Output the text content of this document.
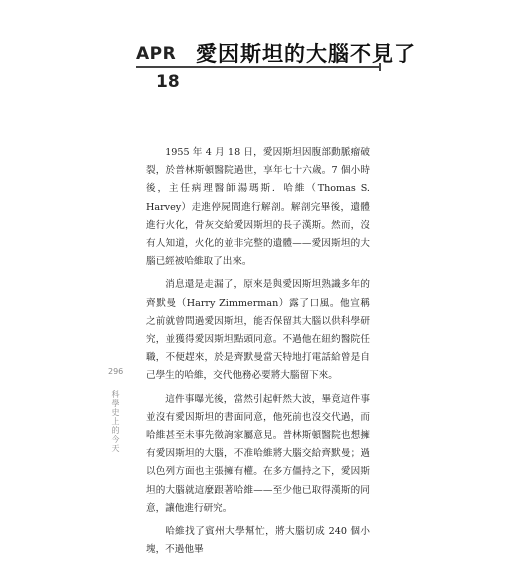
APR
18
愛因斯坦的大腦不見了

1955 年 4 月 18 日，愛因斯坦因腹部動脈瘤破裂，於普林斯頓醫院過世，享年七十六歲。7 個小時後，主任病理醫師湯瑪斯．哈維（Thomas S. Harvey）走進停屍間進行解剖。解剖完畢後，遺體進行火化，骨灰交給愛因斯坦的長子漢斯。然而，沒有人知道，火化的並非完整的遺體——愛因斯坦的大腦已經被哈維取了出來。

消息還是走漏了，原來是與愛因斯坦熟識多年的齊默曼（Harry Zimmerman）露了口風。他宣稱之前就曾問過愛因斯坦，能否保留其大腦以供科學研究，並獲得愛因斯坦點頭同意。不過他在紐約醫院任職，不便趕來，於是齊默曼當天特地打電話給曾是自己學生的哈維，交代他務必要將大腦留下來。

這件事曝光後，當然引起軒然大波，畢竟這件事並沒有愛因斯坦的書面同意，他死前也沒交代過，而哈維甚至未事先徵詢家屬意見。普林斯頓醫院也想擁有愛因斯坦的大腦，不准哈維將大腦交給齊默曼；過以色列方面也主張擁有權。在多方僵持之下，愛因斯坦的大腦就這麼跟著哈維——至少他已取得漢斯的同意，讓他進行研究。

哈維找了賓州大學幫忙，將大腦切成 240 個小塊，不過他畢

296
科學史上的今天
